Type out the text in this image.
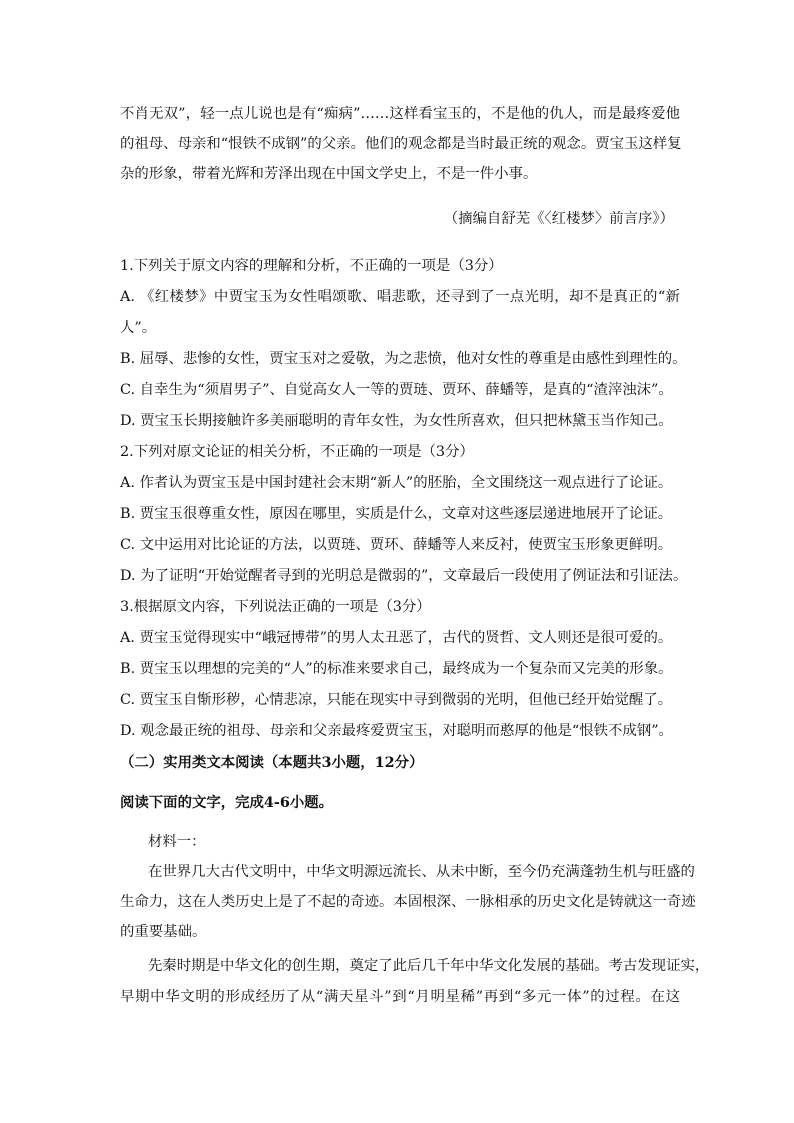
不肖无双”，轻一点儿说也是有“痴病”……这样看宝玉的，不是他的仇人，而是最疼爱他
的祖母、母亲和“恨铁不成钢”的父亲。他们的观念都是当时最正统的观念。贾宝玉这样复
杂的形象，带着光辉和芳泽出现在中国文学史上，不是一件小事。
（摘编自舒芜《〈红楼梦〉前言序》）
1.下列关于原文内容的理解和分析，不正确的一项是（3分）
A. 《红楼梦》中贾宝玉为女性唱颂歌、唱悲歌，还寻到了一点光明，却不是真正的“新
人”。
B. 屈辱、悲惨的女性，贾宝玉对之爱敬，为之悲愤，他对女性的尊重是由感性到理性的。
C. 自幸生为“须眉男子”、自觉高女人一等的贾琏、贾环、薛蟠等，是真的“渣滓浊沫”。
D. 贾宝玉长期接触许多美丽聪明的青年女性，为女性所喜欢，但只把林黛玉当作知己。
2.下列对原文论证的相关分析，不正确的一项是（3分）
A. 作者认为贾宝玉是中国封建社会末期“新人”的胚胎，全文围绕这一观点进行了论证。
B. 贾宝玉很尊重女性，原因在哪里，实质是什么，文章对这些逐层递进地展开了论证。
C. 文中运用对比论证的方法，以贾琏、贾环、薛蟠等人来反衬，使贾宝玉形象更鲜明。
D. 为了证明“开始觉醒者寻到的光明总是微弱的”，文章最后一段使用了例证法和引证法。
3.根据原文内容，下列说法正确的一项是（3分）
A. 贾宝玉觉得现实中“峨冠博带”的男人太丑恶了，古代的贤哲、文人则还是很可爱的。
B. 贾宝玉以理想的完美的“人”的标准来要求自己，最终成为一个复杂而又完美的形象。
C. 贾宝玉自惭形秽，心情悲凉，只能在现实中寻到微弱的光明，但他已经开始觉醒了。
D. 观念最正统的祖母、母亲和父亲最疼爱贾宝玉，对聪明而憨厚的他是“恨铁不成钢”。
（二）实用类文本阅读（本题共3小题，12分）
阅读下面的文字，完成4-6小题。
材料一：
在世界几大古代文明中，中华文明源远流长、从未中断，至今仍充满蓬勃生机与旺盛的
生命力，这在人类历史上是了不起的奇迹。本固根深、一脉相承的历史文化是铸就这一奇迹
的重要基础。
先秦时期是中华文化的创生期，奠定了此后几千年中华文化发展的基础。考古发现证实，
早期中华文明的形成经历了从“满天星斗”到“月明星稀”再到“多元一体”的过程。在这
